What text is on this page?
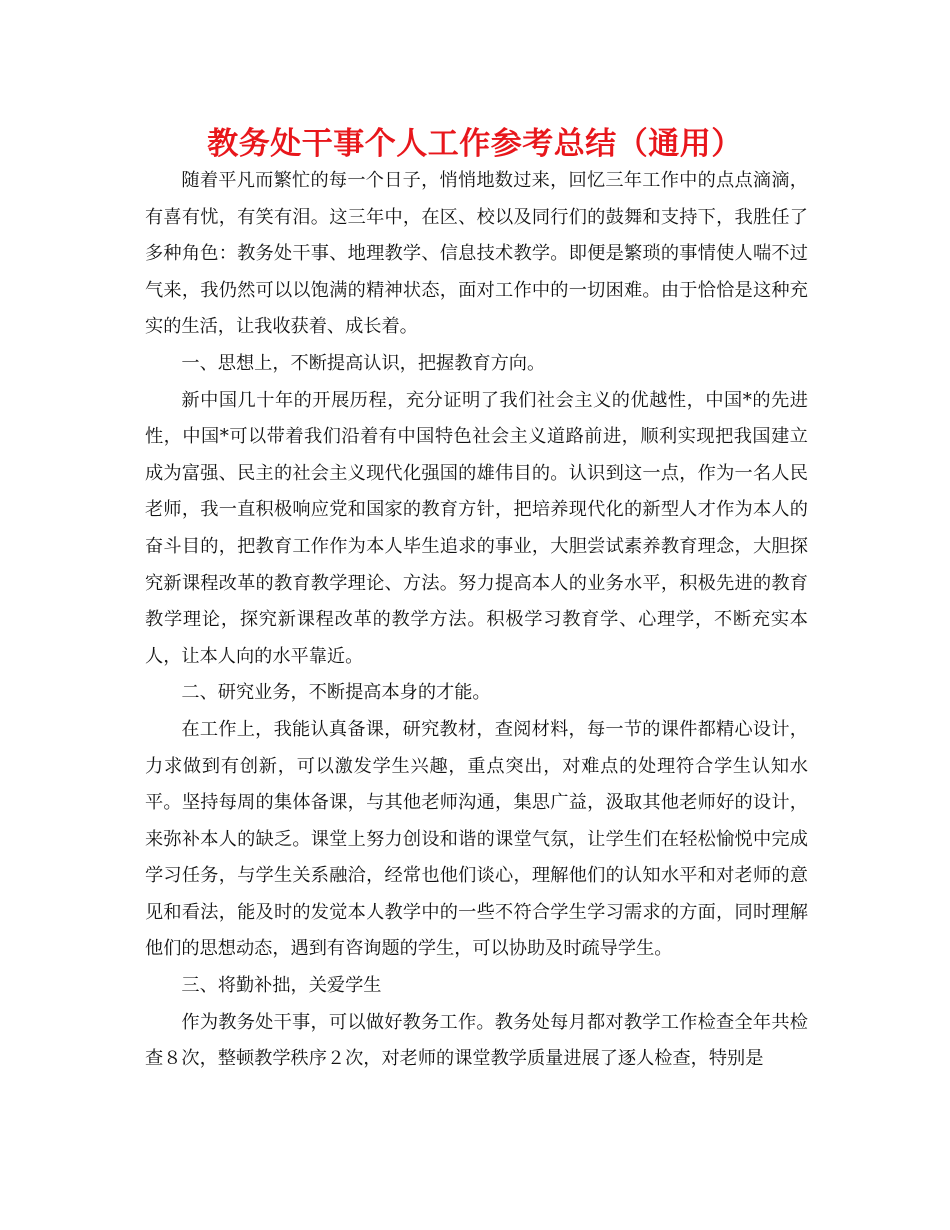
教务处干事个人工作参考总结（通用）

随着平凡而繁忙的每一个日子，悄悄地数过来，回忆三年工作中的点点滴滴，有喜有忧，有笑有泪。这三年中，在区、校以及同行们的鼓舞和支持下，我胜任了多种角色：教务处干事、地理教学、信息技术教学。即便是繁琐的事情使人喘不过气来，我仍然可以以饱满的精神状态，面对工作中的一切困难。由于恰恰是这种充实的生活，让我收获着、成长着。

一、思想上，不断提高认识，把握教育方向。

新中国几十年的开展历程，充分证明了我们社会主义的优越性，中国*的先进性，中国*可以带着我们沿着有中国特色社会主义道路前进，顺利实现把我国建立成为富强、民主的社会主义现代化强国的雄伟目的。认识到这一点，作为一名人民老师，我一直积极响应党和国家的教育方针，把培养现代化的新型人才作为本人的奋斗目的，把教育工作作为本人毕生追求的事业，大胆尝试素养教育理念，大胆探究新课程改革的教育教学理论、方法。努力提高本人的业务水平，积极先进的教育教学理论，探究新课程改革的教学方法。积极学习教育学、心理学，不断充实本人，让本人向的水平靠近。

二、研究业务，不断提高本身的才能。

在工作上，我能认真备课，研究教材，查阅材料，每一节的课件都精心设计，力求做到有创新，可以激发学生兴趣，重点突出，对难点的处理符合学生认知水平。坚持每周的集体备课，与其他老师沟通，集思广益，汲取其他老师好的设计，来弥补本人的缺乏。课堂上努力创设和谐的课堂气氛，让学生们在轻松愉悦中完成学习任务，与学生关系融洽，经常也他们谈心，理解他们的认知水平和对老师的意见和看法，能及时的发觉本人教学中的一些不符合学生学习需求的方面，同时理解他们的思想动态，遇到有咨询题的学生，可以协助及时疏导学生。

三、将勤补拙，关爱学生

作为教务处干事，可以做好教务工作。教务处每月都对教学工作检查全年共检查８次，整顿教学秩序２次，对老师的课堂教学质量进展了逐人检查，特别是
